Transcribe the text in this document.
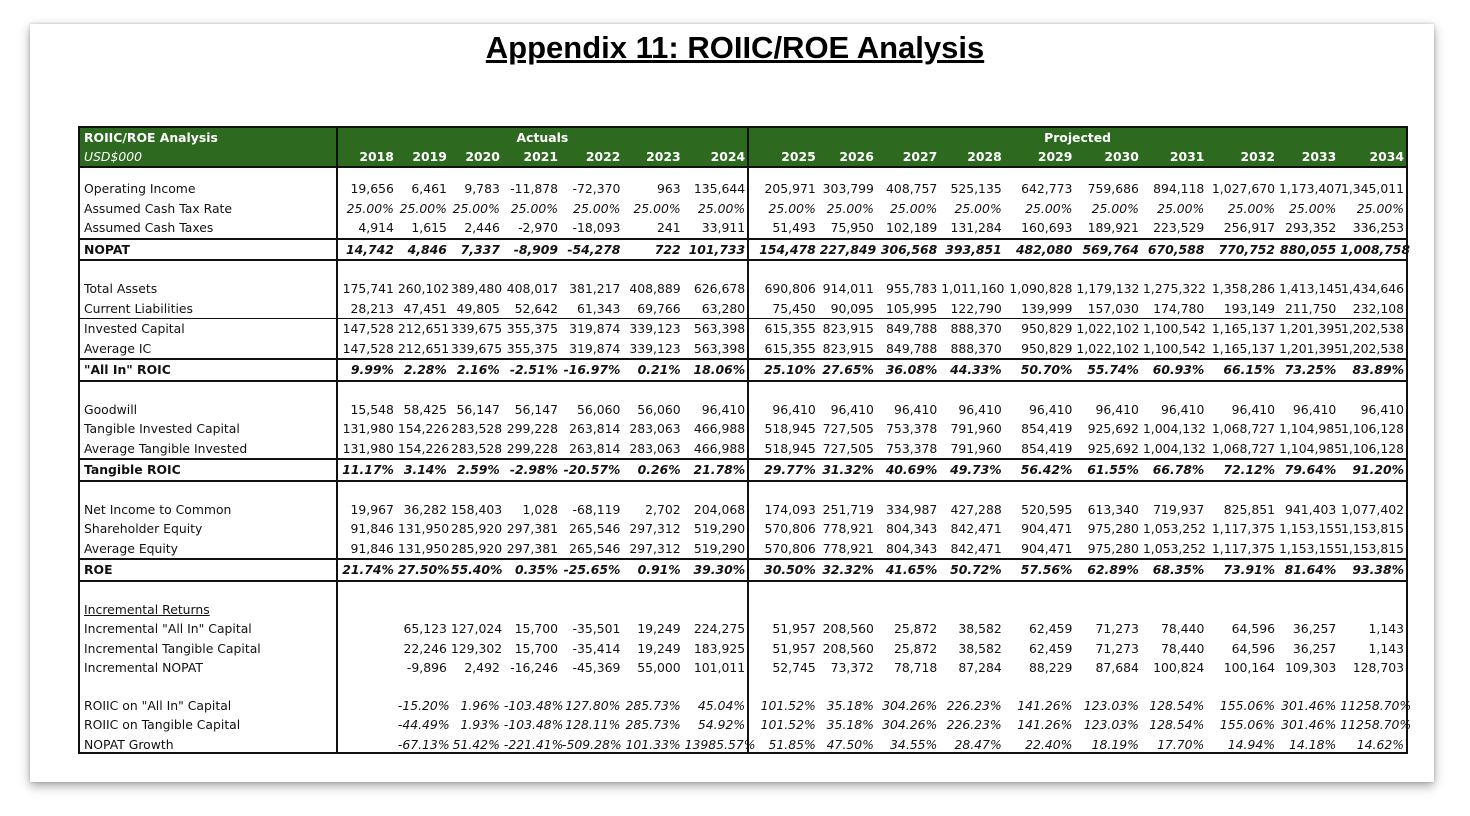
Appendix 11: ROIIC/ROE Analysis
ROIIC/ROE Analysis	Actuals							Projected									
USD$000	2018	2019	2020	2021	2022	2023	2024	2025	2026	2027	2028	2029	2030	2031	2032	2033	2034

Operating Income	19,656	6,461	9,783	-11,878	-72,370	963	135,644	205,971	303,799	408,757	525,135	642,773	759,686	894,118	1,027,670	1,173,407	1,345,011
Assumed Cash Tax Rate	25.00%	25.00%	25.00%	25.00%	25.00%	25.00%	25.00%	25.00%	25.00%	25.00%	25.00%	25.00%	25.00%	25.00%	25.00%	25.00%	25.00%
Assumed Cash Taxes	4,914	1,615	2,446	-2,970	-18,093	241	33,911	51,493	75,950	102,189	131,284	160,693	189,921	223,529	256,917	293,352	336,253
NOPAT	14,742	4,846	7,337	-8,909	-54,278	722	101,733	154,478	227,849	306,568	393,851	482,080	569,764	670,588	770,752	880,055	1,008,758

Total Assets	175,741	260,102	389,480	408,017	381,217	408,889	626,678	690,806	914,011	955,783	1,011,160	1,090,828	1,179,132	1,275,322	1,358,286	1,413,145	1,434,646
Current Liabilities	28,213	47,451	49,805	52,642	61,343	69,766	63,280	75,450	90,095	105,995	122,790	139,999	157,030	174,780	193,149	211,750	232,108
Invested Capital	147,528	212,651	339,675	355,375	319,874	339,123	563,398	615,355	823,915	849,788	888,370	950,829	1,022,102	1,100,542	1,165,137	1,201,395	1,202,538
Average IC	147,528	212,651	339,675	355,375	319,874	339,123	563,398	615,355	823,915	849,788	888,370	950,829	1,022,102	1,100,542	1,165,137	1,201,395	1,202,538
"All In" ROIC	9.99%	2.28%	2.16%	-2.51%	-16.97%	0.21%	18.06%	25.10%	27.65%	36.08%	44.33%	50.70%	55.74%	60.93%	66.15%	73.25%	83.89%

Goodwill	15,548	58,425	56,147	56,147	56,060	56,060	96,410	96,410	96,410	96,410	96,410	96,410	96,410	96,410	96,410	96,410	96,410
Tangible Invested Capital	131,980	154,226	283,528	299,228	263,814	283,063	466,988	518,945	727,505	753,378	791,960	854,419	925,692	1,004,132	1,068,727	1,104,985	1,106,128
Average Tangible Invested	131,980	154,226	283,528	299,228	263,814	283,063	466,988	518,945	727,505	753,378	791,960	854,419	925,692	1,004,132	1,068,727	1,104,985	1,106,128
Tangible ROIC	11.17%	3.14%	2.59%	-2.98%	-20.57%	0.26%	21.78%	29.77%	31.32%	40.69%	49.73%	56.42%	61.55%	66.78%	72.12%	79.64%	91.20%

Net Income to Common	19,967	36,282	158,403	1,028	-68,119	2,702	204,068	174,093	251,719	334,987	427,288	520,595	613,340	719,937	825,851	941,403	1,077,402
Shareholder Equity	91,846	131,950	285,920	297,381	265,546	297,312	519,290	570,806	778,921	804,343	842,471	904,471	975,280	1,053,252	1,117,375	1,153,155	1,153,815
Average Equity	91,846	131,950	285,920	297,381	265,546	297,312	519,290	570,806	778,921	804,343	842,471	904,471	975,280	1,053,252	1,117,375	1,153,155	1,153,815
ROE	21.74%	27.50%	55.40%	0.35%	-25.65%	0.91%	39.30%	30.50%	32.32%	41.65%	50.72%	57.56%	62.89%	68.35%	73.91%	81.64%	93.38%

Incremental Returns																	
Incremental "All In" Capital		65,123	127,024	15,700	-35,501	19,249	224,275	51,957	208,560	25,872	38,582	62,459	71,273	78,440	64,596	36,257	1,143
Incremental Tangible Capital		22,246	129,302	15,700	-35,414	19,249	183,925	51,957	208,560	25,872	38,582	62,459	71,273	78,440	64,596	36,257	1,143
Incremental NOPAT		-9,896	2,492	-16,246	-45,369	55,000	101,011	52,745	73,372	78,718	87,284	88,229	87,684	100,824	100,164	109,303	128,703

ROIIC on "All In" Capital		-15.20%	1.96%	-103.48%	127.80%	285.73%	45.04%	101.52%	35.18%	304.26%	226.23%	141.26%	123.03%	128.54%	155.06%	301.46%	11258.70%
ROIIC on Tangible Capital		-44.49%	1.93%	-103.48%	128.11%	285.73%	54.92%	101.52%	35.18%	304.26%	226.23%	141.26%	123.03%	128.54%	155.06%	301.46%	11258.70%
NOPAT Growth		-67.13%	51.42%	-221.41%	-509.28%	101.33%	13985.57%	51.85%	47.50%	34.55%	28.47%	22.40%	18.19%	17.70%	14.94%	14.18%	14.62%
